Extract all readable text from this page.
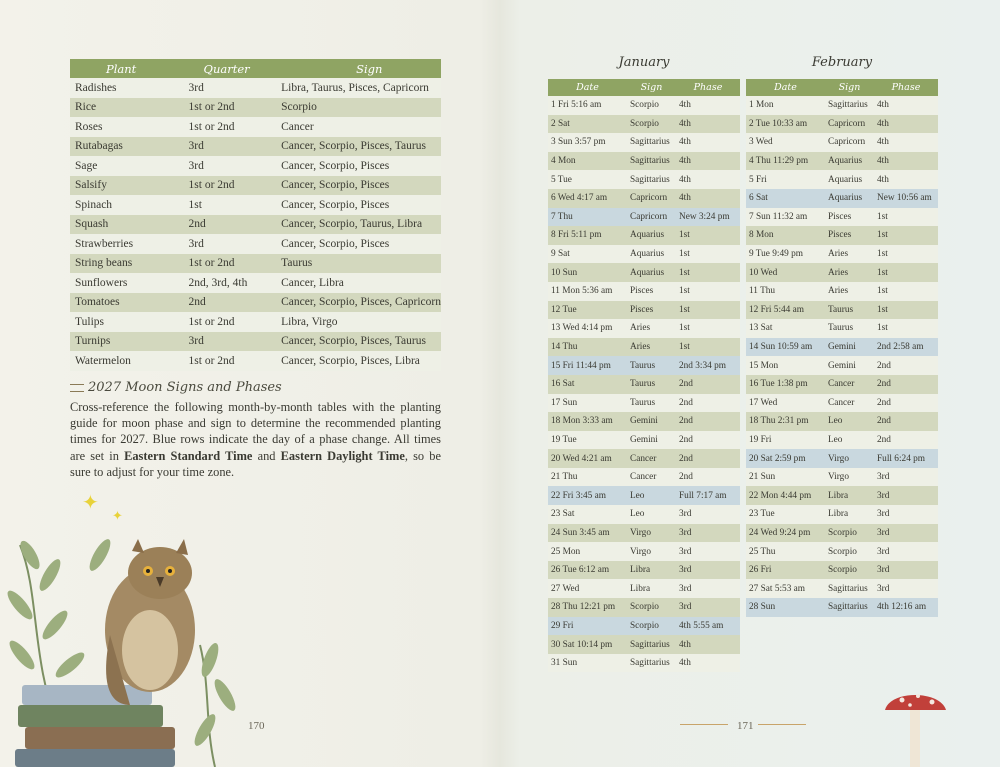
Plant	Quarter	Sign
Radishes	3rd	Libra, Taurus, Pisces, Capricorn
Rice	1st or 2nd	Scorpio
Roses	1st or 2nd	Cancer
Rutabagas	3rd	Cancer, Scorpio, Pisces, Taurus
Sage	3rd	Cancer, Scorpio, Pisces
Salsify	1st or 2nd	Cancer, Scorpio, Pisces
Spinach	1st	Cancer, Scorpio, Pisces
Squash	2nd	Cancer, Scorpio, Taurus, Libra
Strawberries	3rd	Cancer, Scorpio, Pisces
String beans	1st or 2nd	Taurus
Sunflowers	2nd, 3rd, 4th	Cancer, Libra
Tomatoes	2nd	Cancer, Scorpio, Pisces, Capricorn
Tulips	1st or 2nd	Libra, Virgo
Turnips	3rd	Cancer, Scorpio, Pisces, Taurus
Watermelon	1st or 2nd	Cancer, Scorpio, Pisces, Libra
2027 Moon Signs and Phases
Cross-reference the following month-by-month tables with the planting guide for moon phase and sign to determine the recommended planting times for 2027. Blue rows indicate the day of a phase change. All times are set in Eastern Standard Time and Eastern Daylight Time, so be sure to adjust for your time zone.
✦
✦
170
January
Date	Sign	Phase
1 Fri 5:16 am	Scorpio	4th
2 Sat	Scorpio	4th
3 Sun 3:57 pm	Sagittarius	4th
4 Mon	Sagittarius	4th
5 Tue	Sagittarius	4th
6 Wed 4:17 am	Capricorn	4th
7 Thu	Capricorn	New 3:24 pm
8 Fri 5:11 pm	Aquarius	1st
9 Sat	Aquarius	1st
10 Sun	Aquarius	1st
11 Mon 5:36 am	Pisces	1st
12 Tue	Pisces	1st
13 Wed 4:14 pm	Aries	1st
14 Thu	Aries	1st
15 Fri 11:44 pm	Taurus	2nd 3:34 pm
16 Sat	Taurus	2nd
17 Sun	Taurus	2nd
18 Mon 3:33 am	Gemini	2nd
19 Tue	Gemini	2nd
20 Wed 4:21 am	Cancer	2nd
21 Thu	Cancer	2nd
22 Fri 3:45 am	Leo	Full 7:17 am
23 Sat	Leo	3rd
24 Sun 3:45 am	Virgo	3rd
25 Mon	Virgo	3rd
26 Tue 6:12 am	Libra	3rd
27 Wed	Libra	3rd
28 Thu 12:21 pm	Scorpio	3rd
29 Fri	Scorpio	4th 5:55 am
30 Sat 10:14 pm	Sagittarius	4th
31 Sun	Sagittarius	4th
February
Date	Sign	Phase
1 Mon	Sagittarius	4th
2 Tue 10:33 am	Capricorn	4th
3 Wed	Capricorn	4th
4 Thu 11:29 pm	Aquarius	4th
5 Fri	Aquarius	4th
6 Sat	Aquarius	New 10:56 am
7 Sun 11:32 am	Pisces	1st
8 Mon	Pisces	1st
9 Tue 9:49 pm	Aries	1st
10 Wed	Aries	1st
11 Thu	Aries	1st
12 Fri 5:44 am	Taurus	1st
13 Sat	Taurus	1st
14 Sun 10:59 am	Gemini	2nd 2:58 am
15 Mon	Gemini	2nd
16 Tue 1:38 pm	Cancer	2nd
17 Wed	Cancer	2nd
18 Thu 2:31 pm	Leo	2nd
19 Fri	Leo	2nd
20 Sat 2:59 pm	Virgo	Full 6:24 pm
21 Sun	Virgo	3rd
22 Mon 4:44 pm	Libra	3rd
23 Tue	Libra	3rd
24 Wed 9:24 pm	Scorpio	3rd
25 Thu	Scorpio	3rd
26 Fri	Scorpio	3rd
27 Sat 5:53 am	Sagittarius	3rd
28 Sun	Sagittarius	4th 12:16 am
171
